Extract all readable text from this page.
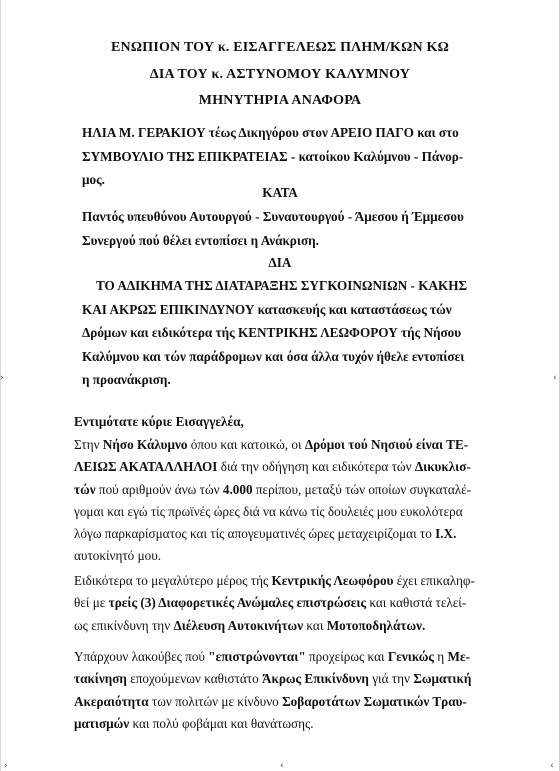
›	‹
›	‹	‹
ΕΝΩΠΙΟΝ ΤΟΥ κ. ΕΙΣΑΓΓΕΛΕΩΣ ΠΛΗΜ/ΚΩΝ ΚΩ
ΔΙΑ ΤΟΥ κ. ΑΣΤΥΝΟΜΟΥ ΚΑΛΥΜΝΟΥ
ΜΗΝΥΤΗΡΙΑ ΑΝΑΦΟΡΑ
ΗΛΙΑ Μ. ΓΕΡΑΚΙΟΥ τέως Δικηγόρου στον ΑΡΕΙΟ ΠΑΓΟ και στο
ΣΥΜΒΟΥΛΙΟ ΤΗΣ ΕΠΙΚΡΑΤΕΙΑΣ - κατοίκου Καλύμνου - Πάνορ-
μος.
ΚΑΤΑ
Παντός υπευθύνου Αυτουργού - Συναυτουργού - Άμεσου ή Έμμεσου
Συνεργού πού θέλει εντοπίσει η Ανάκριση.
ΔΙΑ
ΤΟ ΑΔΙΚΗΜΑ ΤΗΣ ΔΙΑΤΑΡΑΞΗΣ ΣΥΓΚΟΙΝΩΝΙΩΝ - ΚΑΚΗΣ
ΚΑΙ ΑΚΡΩΣ ΕΠΙΚΙΝΔΥΝΟΥ κατασκευής και καταστάσεως τών
Δρόμων και ειδικότερα τής ΚΕΝΤΡΙΚΗΣ ΛΕΩΦΟΡΟΥ τής Νήσου
Καλύμνου και τών παράδρομων και όσα άλλα τυχόν ήθελε εντοπίσει
η προανάκριση.
Εντιμότατε κύριε Εισαγγελέα,
Στην Νήσο Κάλυμνο όπου και κατοικώ, οι Δρόμοι τού Νησιού είναι ΤΕ-
ΛΕΙΩΣ ΑΚΑΤΑΛΛΗΛΟΙ διά την οδήγηση και ειδικότερα τών Δικυκλισ-
τών πού αριθμούν άνω τών 4.000 περίπου, μεταξύ τών οποίων συγκαταλέ-
γομαι και εγώ τίς πρωϊνές ώρες διά να κάνω τίς δουλειές μου ευκολότερα
λόγω παρκαρίσματος και τίς απογευματινές ώρες μεταχειρίζομαι το Ι.Χ.
αυτοκίνητό μου.
Ειδικότερα το μεγαλύτερο μέρος τής Κεντρικής Λεωφόρου έχει επικαληφ-
θεί με τρείς (3) Διαφορετικές Ανώμαλες επιστρώσεις και καθιστά τελεί-
ως επικίνδυνη την Διέλευση Αυτοκινήτων και Μοτοποδηλάτων.
Υπάρχουν λακούβες πού "επιστρώνονται" προχείρως και Γενικώς η Με-
τακίνηση εποχούμενων καθιστάτο Άκρως Επικίνδυνη γιά την Σωματική
Ακεραιότητα των πολιτών με κίνδυνο Σοβαροτάτων Σωματικών Τραυ-
ματισμών και πολύ φοβάμαι και θανάτωσης.
